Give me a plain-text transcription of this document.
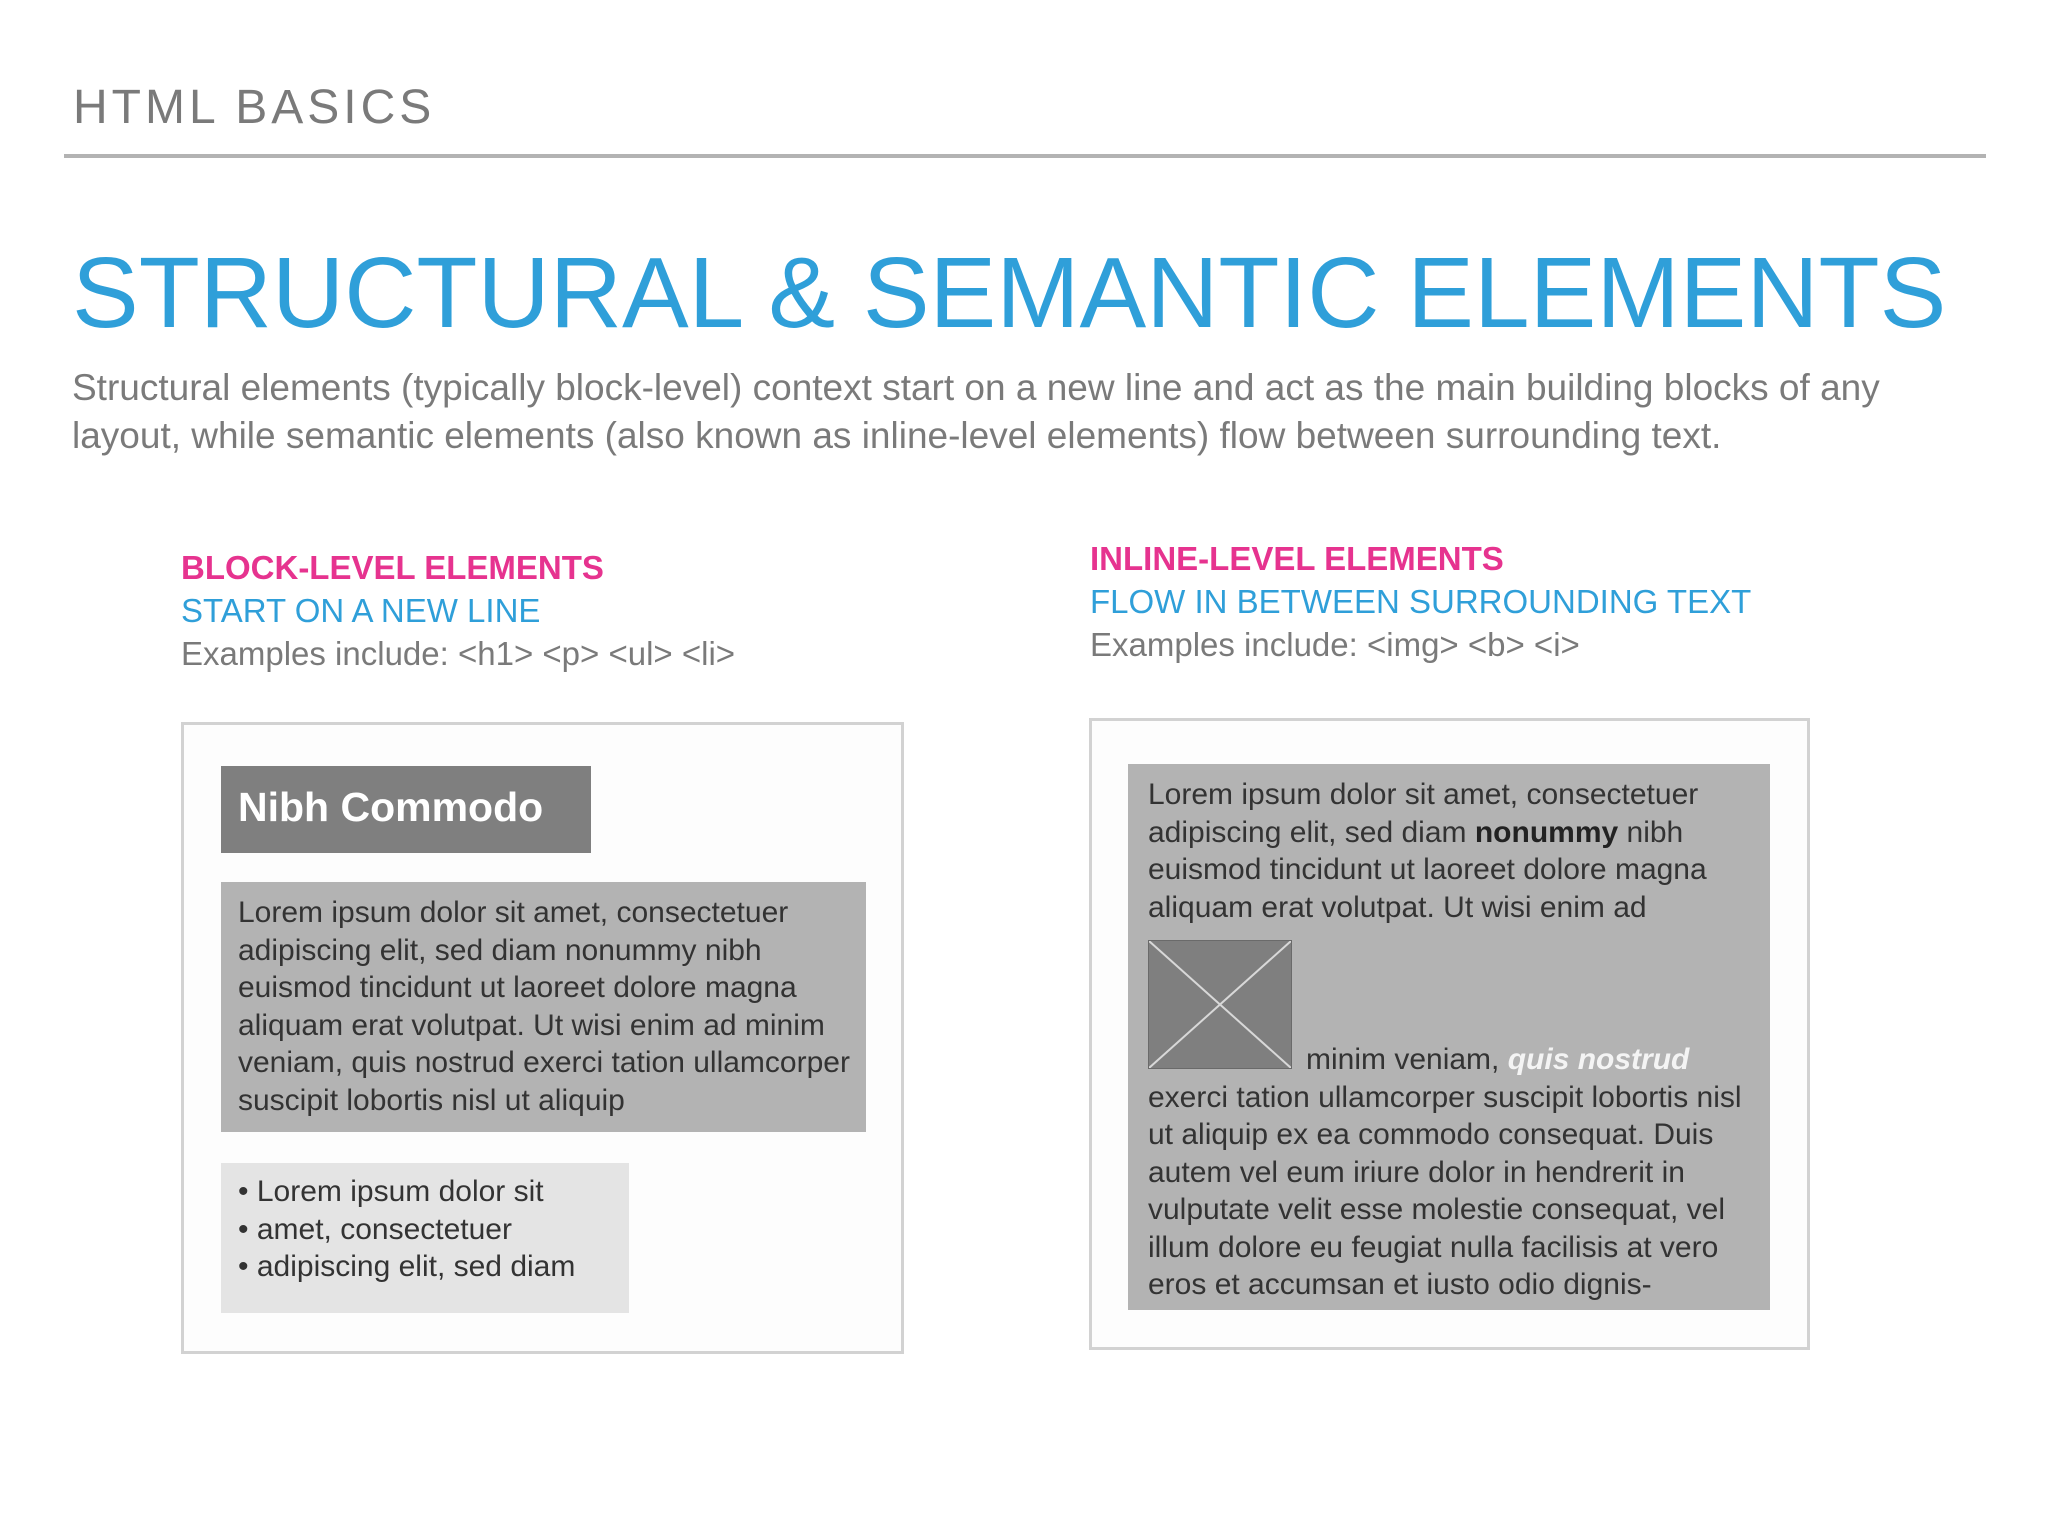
HTML BASICS
STRUCTURAL & SEMANTIC ELEMENTS
Structural elements (typically block-level) context start on a new line and act as the main building blocks of any layout, while semantic elements (also known as inline-level elements) flow between surrounding text.
BLOCK-LEVEL ELEMENTS
START ON A NEW LINE
Examples include: <h1> <p> <ul> <li>
INLINE-LEVEL ELEMENTS
FLOW IN BETWEEN SURROUNDING TEXT
Examples include: <img> <b> <i>
Nibh Commodo
Lorem ipsum dolor sit amet, consectetuer adipiscing elit, sed diam nonummy nibh euismod tincidunt ut laoreet dolore magna aliquam erat volutpat. Ut wisi enim ad minim veniam, quis nostrud exerci tation ullamcorper suscipit lobortis nisl ut aliquip
• Lorem ipsum dolor sit
• amet, consectetuer
• adipiscing elit, sed diam
Lorem ipsum dolor sit amet, consectetuer adipiscing elit, sed diam nonummy nibh euismod tincidunt ut laoreet dolore magna aliquam erat volutpat. Ut wisi enim ad

minim veniam, quis nostrud exerci tation ullamcorper suscipit lobortis nisl ut aliquip ex ea commodo consequat. Duis autem vel eum iriure dolor in hendrerit in vulputate velit esse molestie consequat, vel illum dolore eu feugiat nulla facilisis at vero eros et accumsan et iusto odio dignis-
